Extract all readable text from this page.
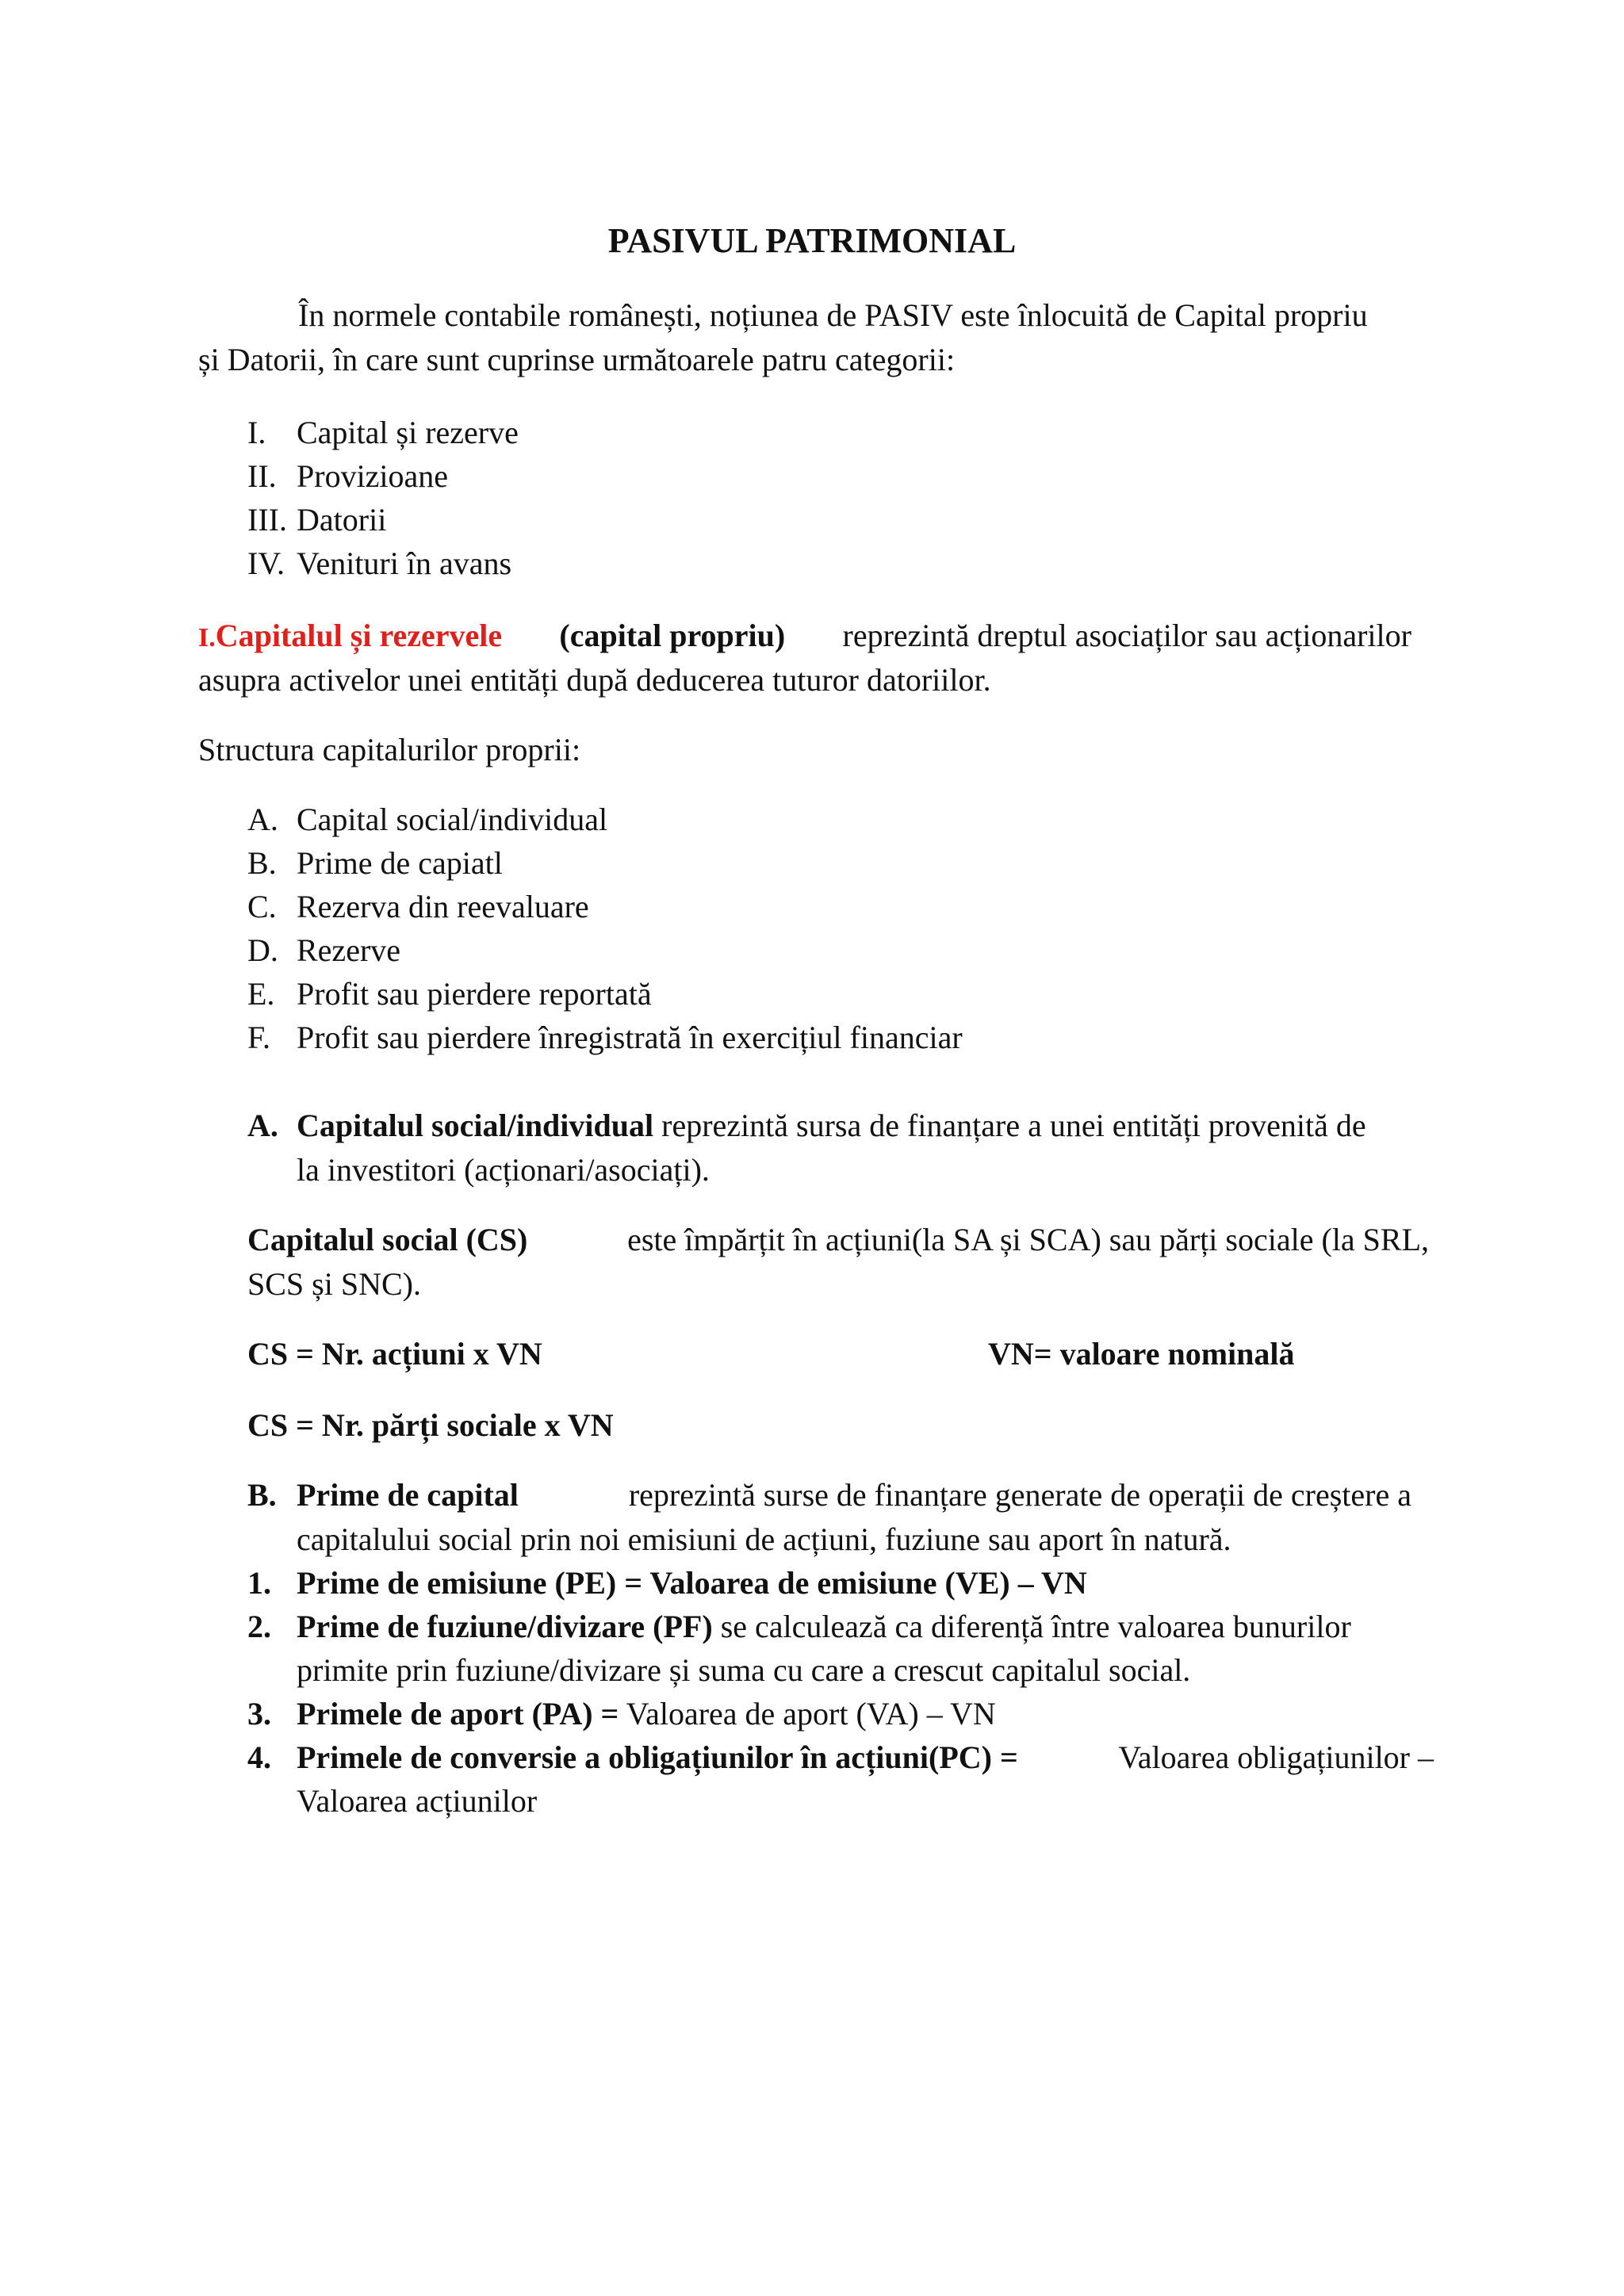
PASIVUL PATRIMONIAL
În normele contabile românești, noțiunea de PASIV este înlocuită de Capital propriu
și Datorii, în care sunt cuprinse următoarele patru categorii:
I. Capital și rezerve
II. Provizioane
III. Datorii
IV. Venituri în avans
I.Capitalul și rezervele (capital propriu) reprezintă dreptul asociaților sau acționarilor
asupra activelor unei entități după deducerea tuturor datoriilor.
Structura capitalurilor proprii:
A. Capital social/individual
B. Prime de capiatl
C. Rezerva din reevaluare
D. Rezerve
E. Profit sau pierdere reportată
F. Profit sau pierdere înregistrată în exercițiul financiar
A. Capitalul social/individual reprezintă sursa de finanțare a unei entități provenită de
la investitori (acționari/asociați).
Capitalul social (CS)	este împărțit în acțiuni(la SA și SCA) sau părți sociale (la SRL,
SCS și SNC).
CS = Nr. acțiuni x VN	VN= valoare nominală
CS = Nr. părți sociale x VN
B. Prime de capital	reprezintă surse de finanțare generate de operații de creștere a
capitalului social prin noi emisiuni de acțiuni, fuziune sau aport în natură.
1. Prime de emisiune (PE) = Valoarea de emisiune (VE) – VN
2. Prime de fuziune/divizare (PF) se calculează ca diferență între valoarea bunurilor
primite prin fuziune/divizare și suma cu care a crescut capitalul social.
3. Primele de aport (PA) = Valoarea de aport (VA) – VN
4. Primele de conversie a obligațiunilor în acțiuni(PC) =	Valoarea obligațiunilor –
Valoarea acțiunilor
